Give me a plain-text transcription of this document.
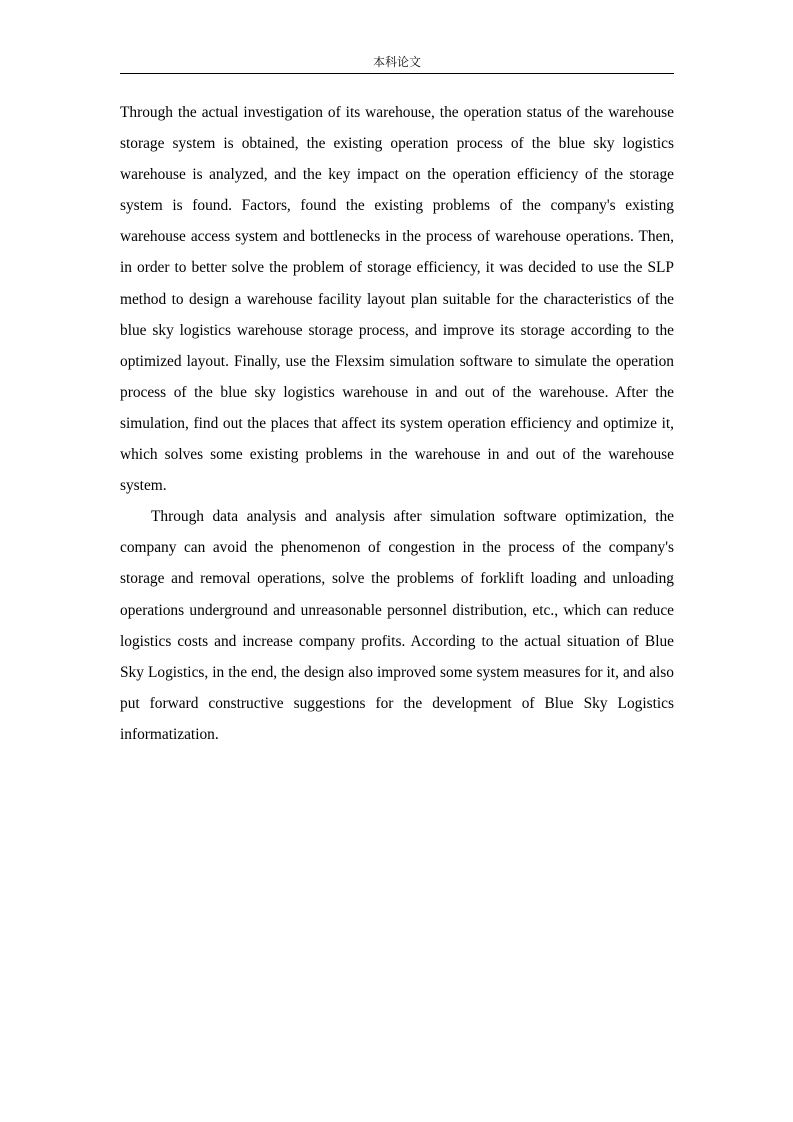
本科论文

Through the actual investigation of its warehouse, the operation status of the warehouse storage system is obtained, the existing operation process of the blue sky logistics warehouse is analyzed, and the key impact on the operation efficiency of the storage system is found. Factors, found the existing problems of the company's existing warehouse access system and bottlenecks in the process of warehouse operations. Then, in order to better solve the problem of storage efficiency, it was decided to use the SLP method to design a warehouse facility layout plan suitable for the characteristics of the blue sky logistics warehouse storage process, and improve its storage according to the optimized layout. Finally, use the Flexsim simulation software to simulate the operation process of the blue sky logistics warehouse in and out of the warehouse. After the simulation, find out the places that affect its system operation efficiency and optimize it, which solves some existing problems in the warehouse in and out of the warehouse system.

Through data analysis and analysis after simulation software optimization, the company can avoid the phenomenon of congestion in the process of the company's storage and removal operations, solve the problems of forklift loading and unloading operations underground and unreasonable personnel distribution, etc., which can reduce logistics costs and increase company profits. According to the actual situation of Blue Sky Logistics, in the end, the design also improved some system measures for it, and also put forward constructive suggestions for the development of Blue Sky Logistics informatization.
